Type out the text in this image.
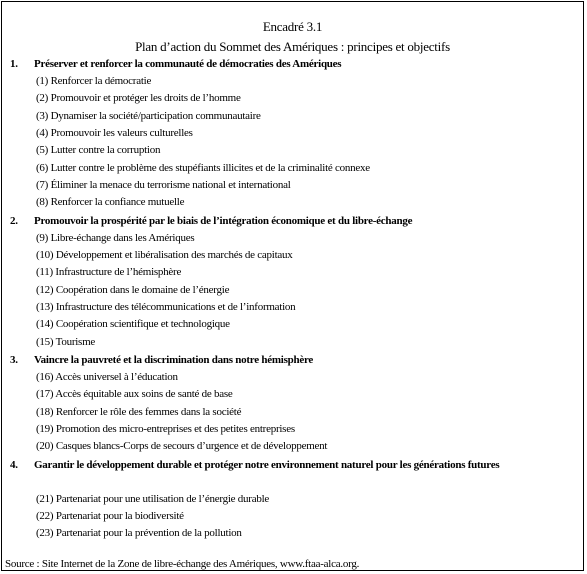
Encadré 3.1
Plan d’action du Sommet des Amériques : principes et objectifs
1. Préserver et renforcer la communauté de démocraties des Amériques
(1) Renforcer la démocratie
(2) Promouvoir et protéger les droits de l’homme
(3) Dynamiser la société/participation communautaire
(4) Promouvoir les valeurs culturelles
(5) Lutter contre la corruption
(6) Lutter contre le problème des stupéfiants illicites et de la criminalité connexe
(7) Éliminer la menace du terrorisme national et international
(8) Renforcer la confiance mutuelle
2. Promouvoir la prospérité par le biais de l’intégration économique et du libre-échange
(9) Libre-échange dans les Amériques
(10) Développement et libéralisation des marchés de capitaux
(11) Infrastructure de l’hémisphère
(12) Coopération dans le domaine de l’énergie
(13) Infrastructure des télécommunications et de l’information
(14) Coopération scientifique et technologique
(15) Tourisme
3. Vaincre la pauvreté et la discrimination dans notre hémisphère
(16) Accès universel à l’éducation
(17) Accès équitable aux soins de santé de base
(18) Renforcer le rôle des femmes dans la société
(19) Promotion des micro-entreprises et des petites entreprises
(20) Casques blancs-Corps de secours d’urgence et de développement
4. Garantir le développement durable et protéger notre environnement naturel pour les générations futures
(21) Partenariat pour une utilisation de l’énergie durable
(22) Partenariat pour la biodiversité
(23) Partenariat pour la prévention de la pollution
Source : Site Internet de la Zone de libre-échange des Amériques, www.ftaa-alca.org.
